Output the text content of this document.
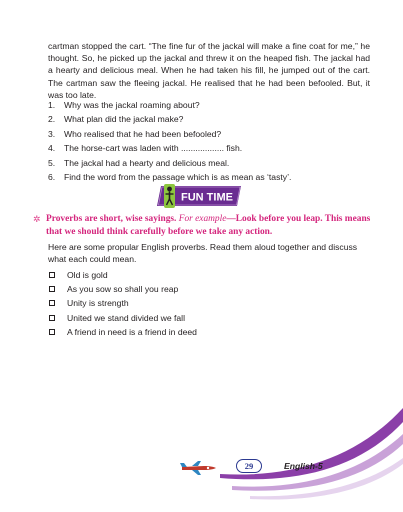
cartman stopped the cart. “The fine fur of the jackal will make a fine coat for me,” he thought. So, he picked up the jackal and threw it on the heaped fish. The jackal had a hearty and delicious meal. When he had taken his fill, he jumped out of the cart. The cartman saw the fleeing jackal. He realised that he had been befooled. But, it was too late.

1.	Why was the jackal roaming about?
2.	What plan did the jackal make?
3.	Who realised that he had been befooled?
4.	The horse-cart was laden with .................. fish.
5.	The jackal had a hearty and delicious meal.
6.	Find the word from the passage which is as mean as ‘tasty’.
FUN TIME

✲ Proverbs are short, wise sayings. For example—Look before you leap. This means that we should think carefully before we take any action.

Here are some propular English proverbs. Read them aloud together and discuss what each could mean.

Old is gold
As you sow so shall you reap
Unity is strength
United we stand divided we fall
A friend in need is a friend in deed
29	English-5
